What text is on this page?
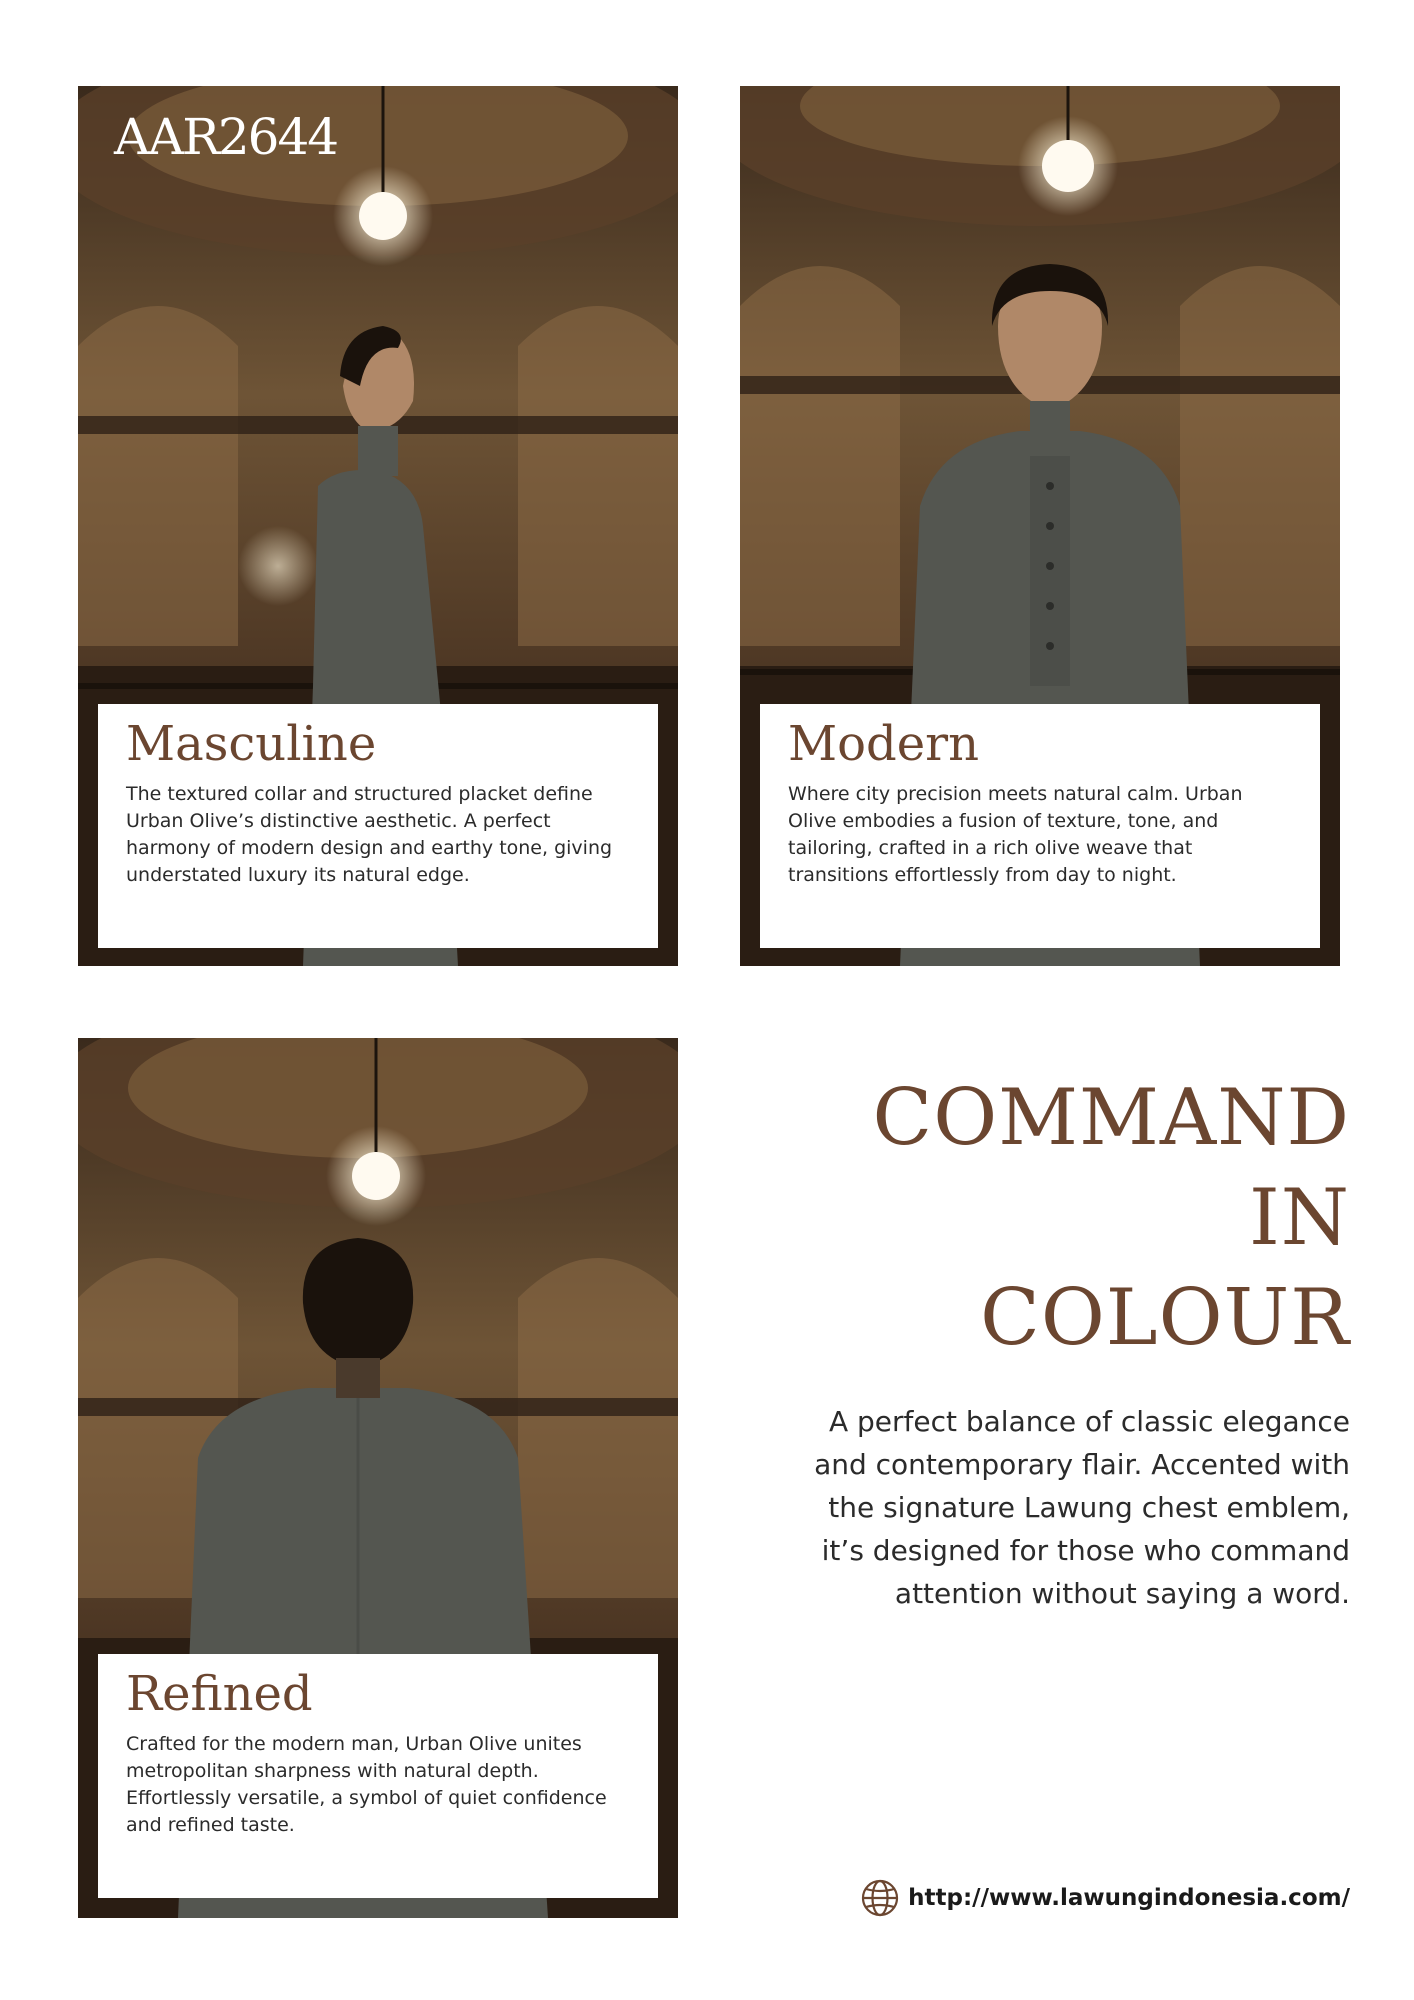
AAR2644
Masculine

The textured collar and structured placket define Urban Olive’s distinctive aesthetic. A perfect harmony of modern design and earthy tone, giving understated luxury its natural edge.

Modern

Where city precision meets natural calm. Urban Olive embodies a fusion of texture, tone, and tailoring, crafted in a rich olive weave that transitions effortlessly from day to night.

Refined

Crafted for the modern man, Urban Olive unites metropolitan sharpness with natural depth. Effortlessly versatile, a symbol of quiet confidence and refined taste.

COMMAND
IN
COLOUR

A perfect balance of classic elegance and contemporary flair. Accented with the signature Lawung chest emblem, it’s designed for those who command attention without saying a word.

http://www.lawungindonesia.com/
